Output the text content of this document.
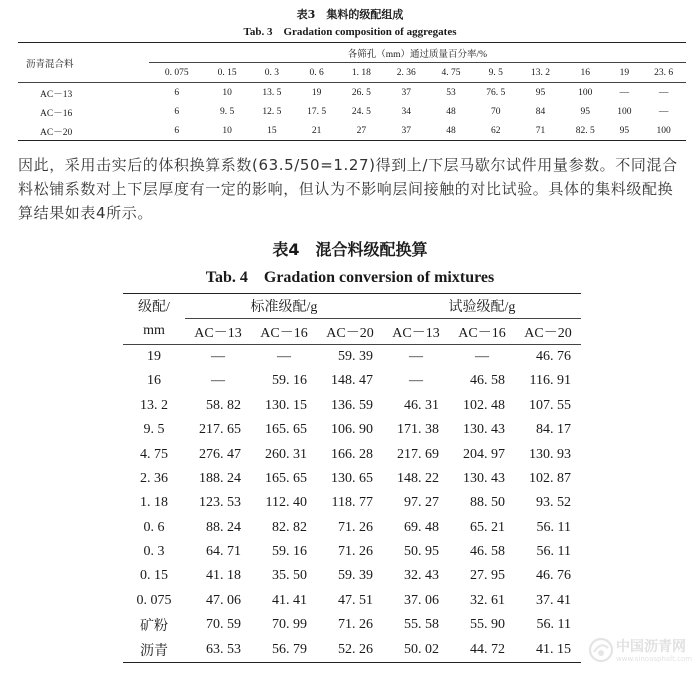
表3　集料的级配组成
Tab. 3　Gradation composition of aggregates
沥青混合料	各筛孔（mm）通过质量百分率/%											
	0. 075	0. 15	0. 3	0. 6	1. 18	2. 36	4. 75	9. 5	13. 2	16	19	23. 6
AC－13	6	10	13. 5	19	26. 5	37	53	76. 5	95	100	—	—
AC－16	6	9. 5	12. 5	17. 5	24. 5	34	48	70	84	95	100	—
AC－20	6	10	15	21	27	37	48	62	71	82. 5	95	100
因此，采用击实后的体积换算系数(63.5/50=1.27)得到上/下层马歇尔试件用量参数。不同混合料松铺系数对上下层厚度有一定的影响，但认为不影响层间接触的对比试验。具体的集料级配换算结果如表4所示。
表4　混合料级配换算
Tab. 4　Gradation conversion of mixtures
级配/	标准级配/g			试验级配/g		
mm	AC－13	AC－16	AC－20	AC－13	AC－16	AC－20
19	—	—	59. 39	—	—	46. 76
16	—	59. 16	148. 47	—	46. 58	116. 91
13. 2	58. 82	130. 15	136. 59	46. 31	102. 48	107. 55
9. 5	217. 65	165. 65	106. 90	171. 38	130. 43	84. 17
4. 75	276. 47	260. 31	166. 28	217. 69	204. 97	130. 93
2. 36	188. 24	165. 65	130. 65	148. 22	130. 43	102. 87
1. 18	123. 53	112. 40	118. 77	97. 27	88. 50	93. 52
0. 6	88. 24	82. 82	71. 26	69. 48	65. 21	56. 11
0. 3	64. 71	59. 16	71. 26	50. 95	46. 58	56. 11
0. 15	41. 18	35. 50	59. 39	32. 43	27. 95	46. 76
0. 075	47. 06	41. 41	47. 51	37. 06	32. 61	37. 41
矿粉	70. 59	70. 99	71. 26	55. 58	55. 90	56. 11
沥青	63. 53	56. 79	52. 26	50. 02	44. 72	41. 15	中国沥青网
www.sinoasphalt.com
